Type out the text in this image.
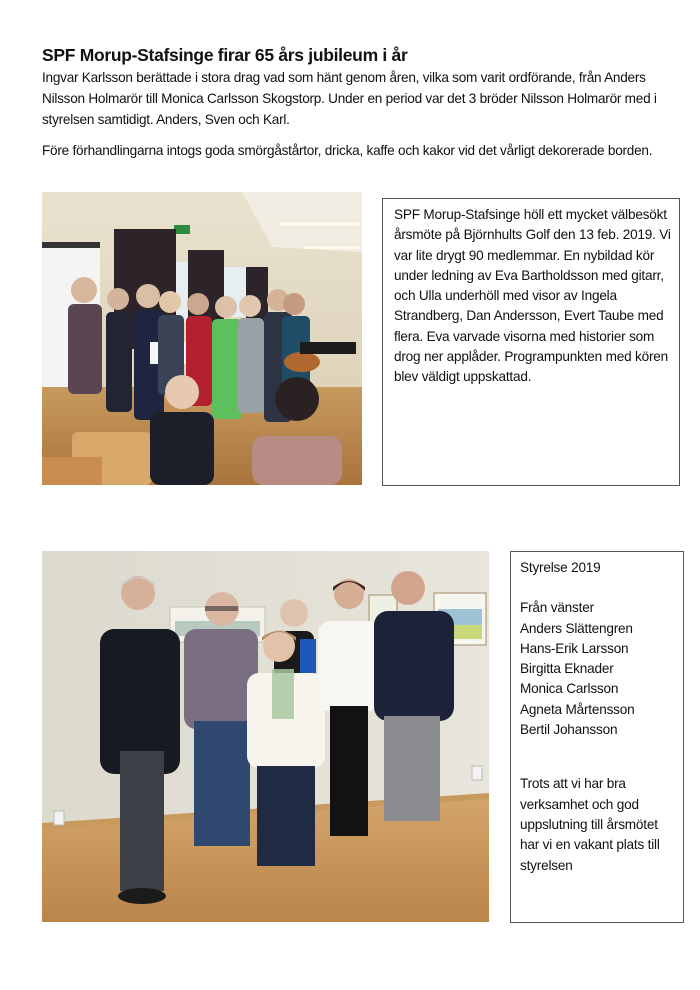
SPF Morup-Stafsinge firar 65 års jubileum i år
Ingvar Karlsson berättade i stora drag vad som hänt genom åren, vilka som varit ordförande, från Anders Nilsson Holmarör till Monica Carlsson Skogstorp. Under en period var det 3 bröder Nilsson Holmarör med i styrelsen samtidigt. Anders, Sven och Karl.
Före förhandlingarna intogs goda smörgåstårtor, dricka, kaffe och kakor vid det vårligt dekorerade borden.
SPF Morup-Stafsinge höll ett mycket välbesökt årsmöte på Björnhults Golf den 13 feb. 2019. Vi var lite drygt 90 medlemmar. En nybildad kör under ledning av Eva Bartholdsson med gitarr, och Ulla underhöll med visor av Ingela Strandberg, Dan Andersson, Evert Taube med flera. Eva varvade visorna med historier som drog ner applåder. Programpunkten med kören blev väldigt uppskattad.
Styrelse 2019
Från vänster
Anders Slättengren
Hans-Erik Larsson
Birgitta Eknader
Monica Carlsson
Agneta Mårtensson
Bertil Johansson
Trots att vi har bra verksamhet och god uppslutning till årsmötet har vi en vakant plats till styrelsen
